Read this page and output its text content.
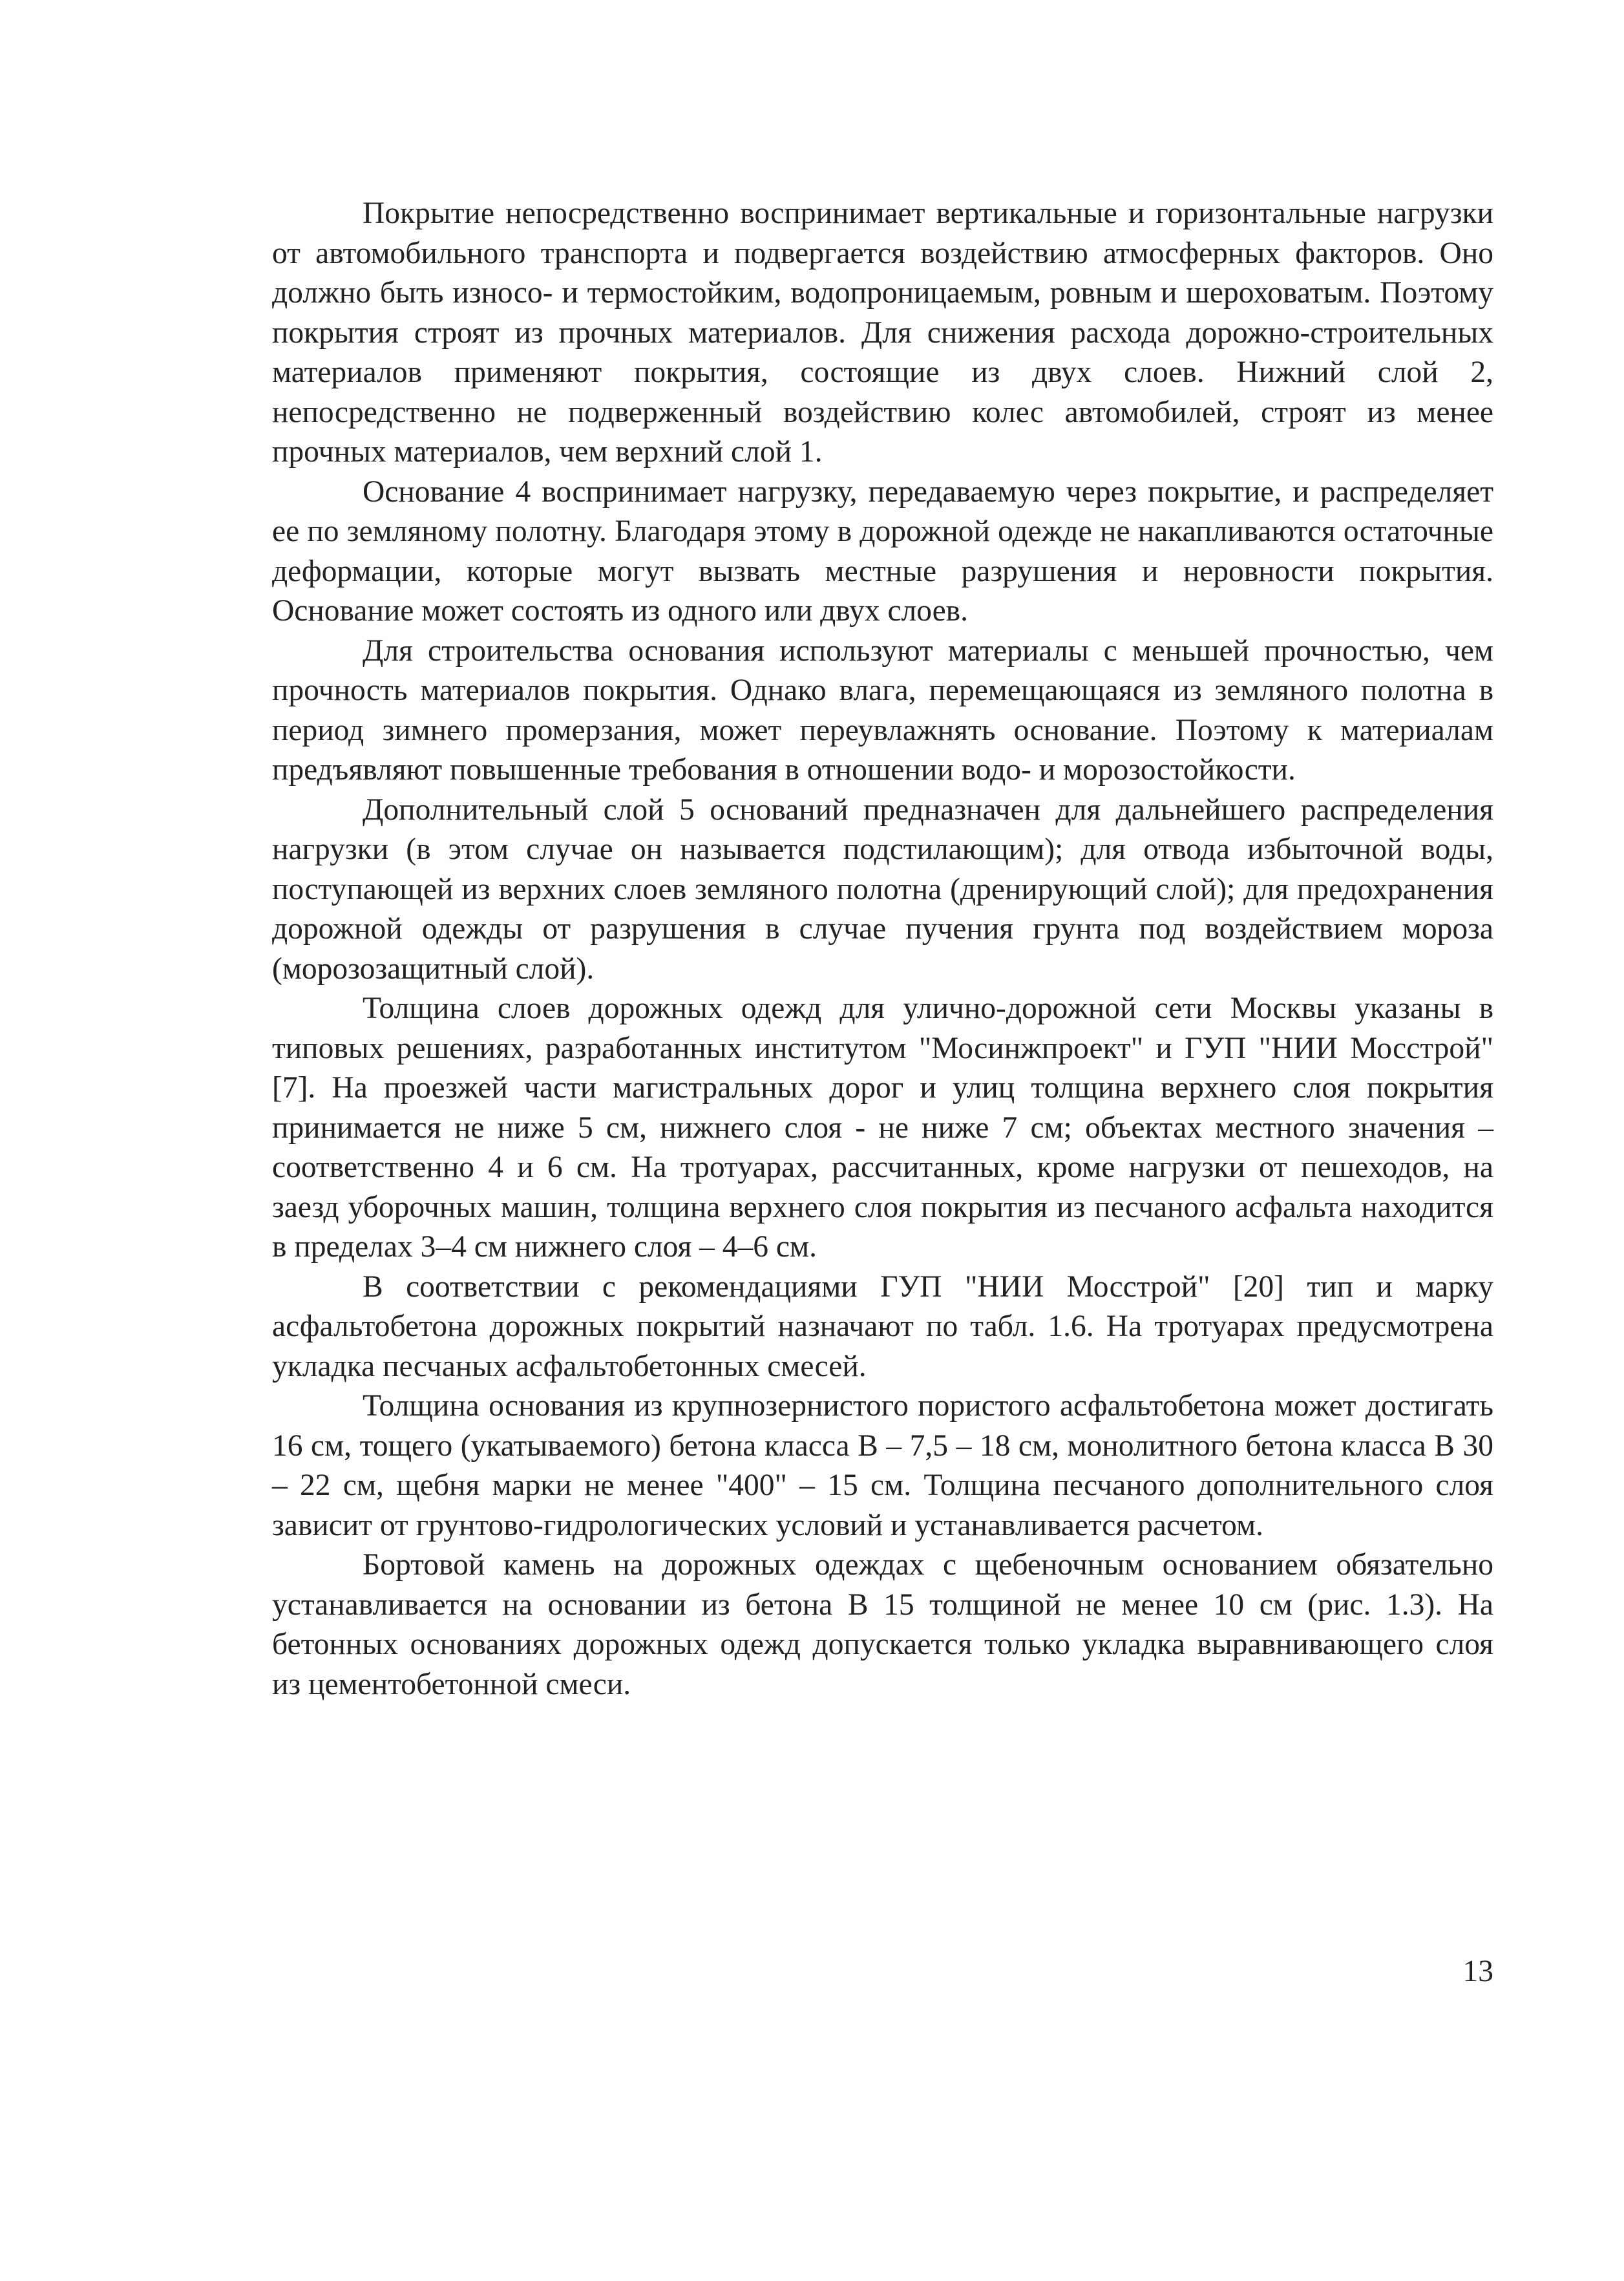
Покрытие непосредственно воспринимает вертикальные и горизонтальные нагрузки от автомобильного транспорта и подвергается воздействию атмосферных факторов. Оно должно быть износо- и термостойким, водопроницаемым, ровным и шероховатым. Поэтому покрытия строят из прочных материалов. Для снижения расхода дорожно-строительных материалов применяют покрытия, состоящие из двух слоев. Нижний слой 2, непосредственно не подверженный воздействию колес автомобилей, строят из менее прочных материалов, чем верхний слой 1.

Основание 4 воспринимает нагрузку, передаваемую через покрытие, и распределяет ее по земляному полотну. Благодаря этому в дорожной одежде не накапливаются остаточные деформации, которые могут вызвать местные разрушения и неровности покрытия. Основание может состоять из одного или двух слоев.

Для строительства основания используют материалы с меньшей прочностью, чем прочность материалов покрытия. Однако влага, перемещающаяся из земляного полотна в период зимнего промерзания, может переувлажнять основание. Поэтому к материалам предъявляют повышенные требования в отношении водо- и морозостойкости.

Дополнительный слой 5 оснований предназначен для дальнейшего распределения нагрузки (в этом случае он называется подстилающим); для отвода избыточной воды, поступающей из верхних слоев земляного полотна (дренирующий слой); для предохранения дорожной одежды от разрушения в случае пучения грунта под воздействием мороза (морозозащитный слой).

Толщина слоев дорожных одежд для улично-дорожной сети Москвы указаны в типовых решениях, разработанных институтом "Мосинжпроект" и ГУП "НИИ Мосстрой" [7]. На проезжей части магистральных дорог и улиц толщина верхнего слоя покрытия принимается не ниже 5 см, нижнего слоя - не ниже 7 см; объектах местного значения – соответственно 4 и 6 см. На тротуарах, рассчитанных, кроме нагрузки от пешеходов, на заезд уборочных машин, толщина верхнего слоя покрытия из песчаного асфальта находится в пределах 3–4 см нижнего слоя – 4–6 см.

В соответствии с рекомендациями ГУП "НИИ Мосстрой" [20] тип и марку асфальтобетона дорожных покрытий назначают по табл. 1.6. На тротуарах предусмотрена укладка песчаных асфальтобетонных смесей.

Толщина основания из крупнозернистого пористого асфальтобетона может достигать 16 см, тощего (укатываемого) бетона класса В – 7,5 – 18 см, монолитного бетона класса В 30 – 22 см, щебня марки не менее "400" – 15 см. Толщина песчаного дополнительного слоя зависит от грунтово-гидрологических условий и устанавливается расчетом.

Бортовой камень на дорожных одеждах с щебеночным основанием обязательно устанавливается на основании из бетона В 15 толщиной не менее 10 см (рис. 1.3). На бетонных основаниях дорожных одежд допускается только укладка выравнивающего слоя из цементобетонной смеси.

13
